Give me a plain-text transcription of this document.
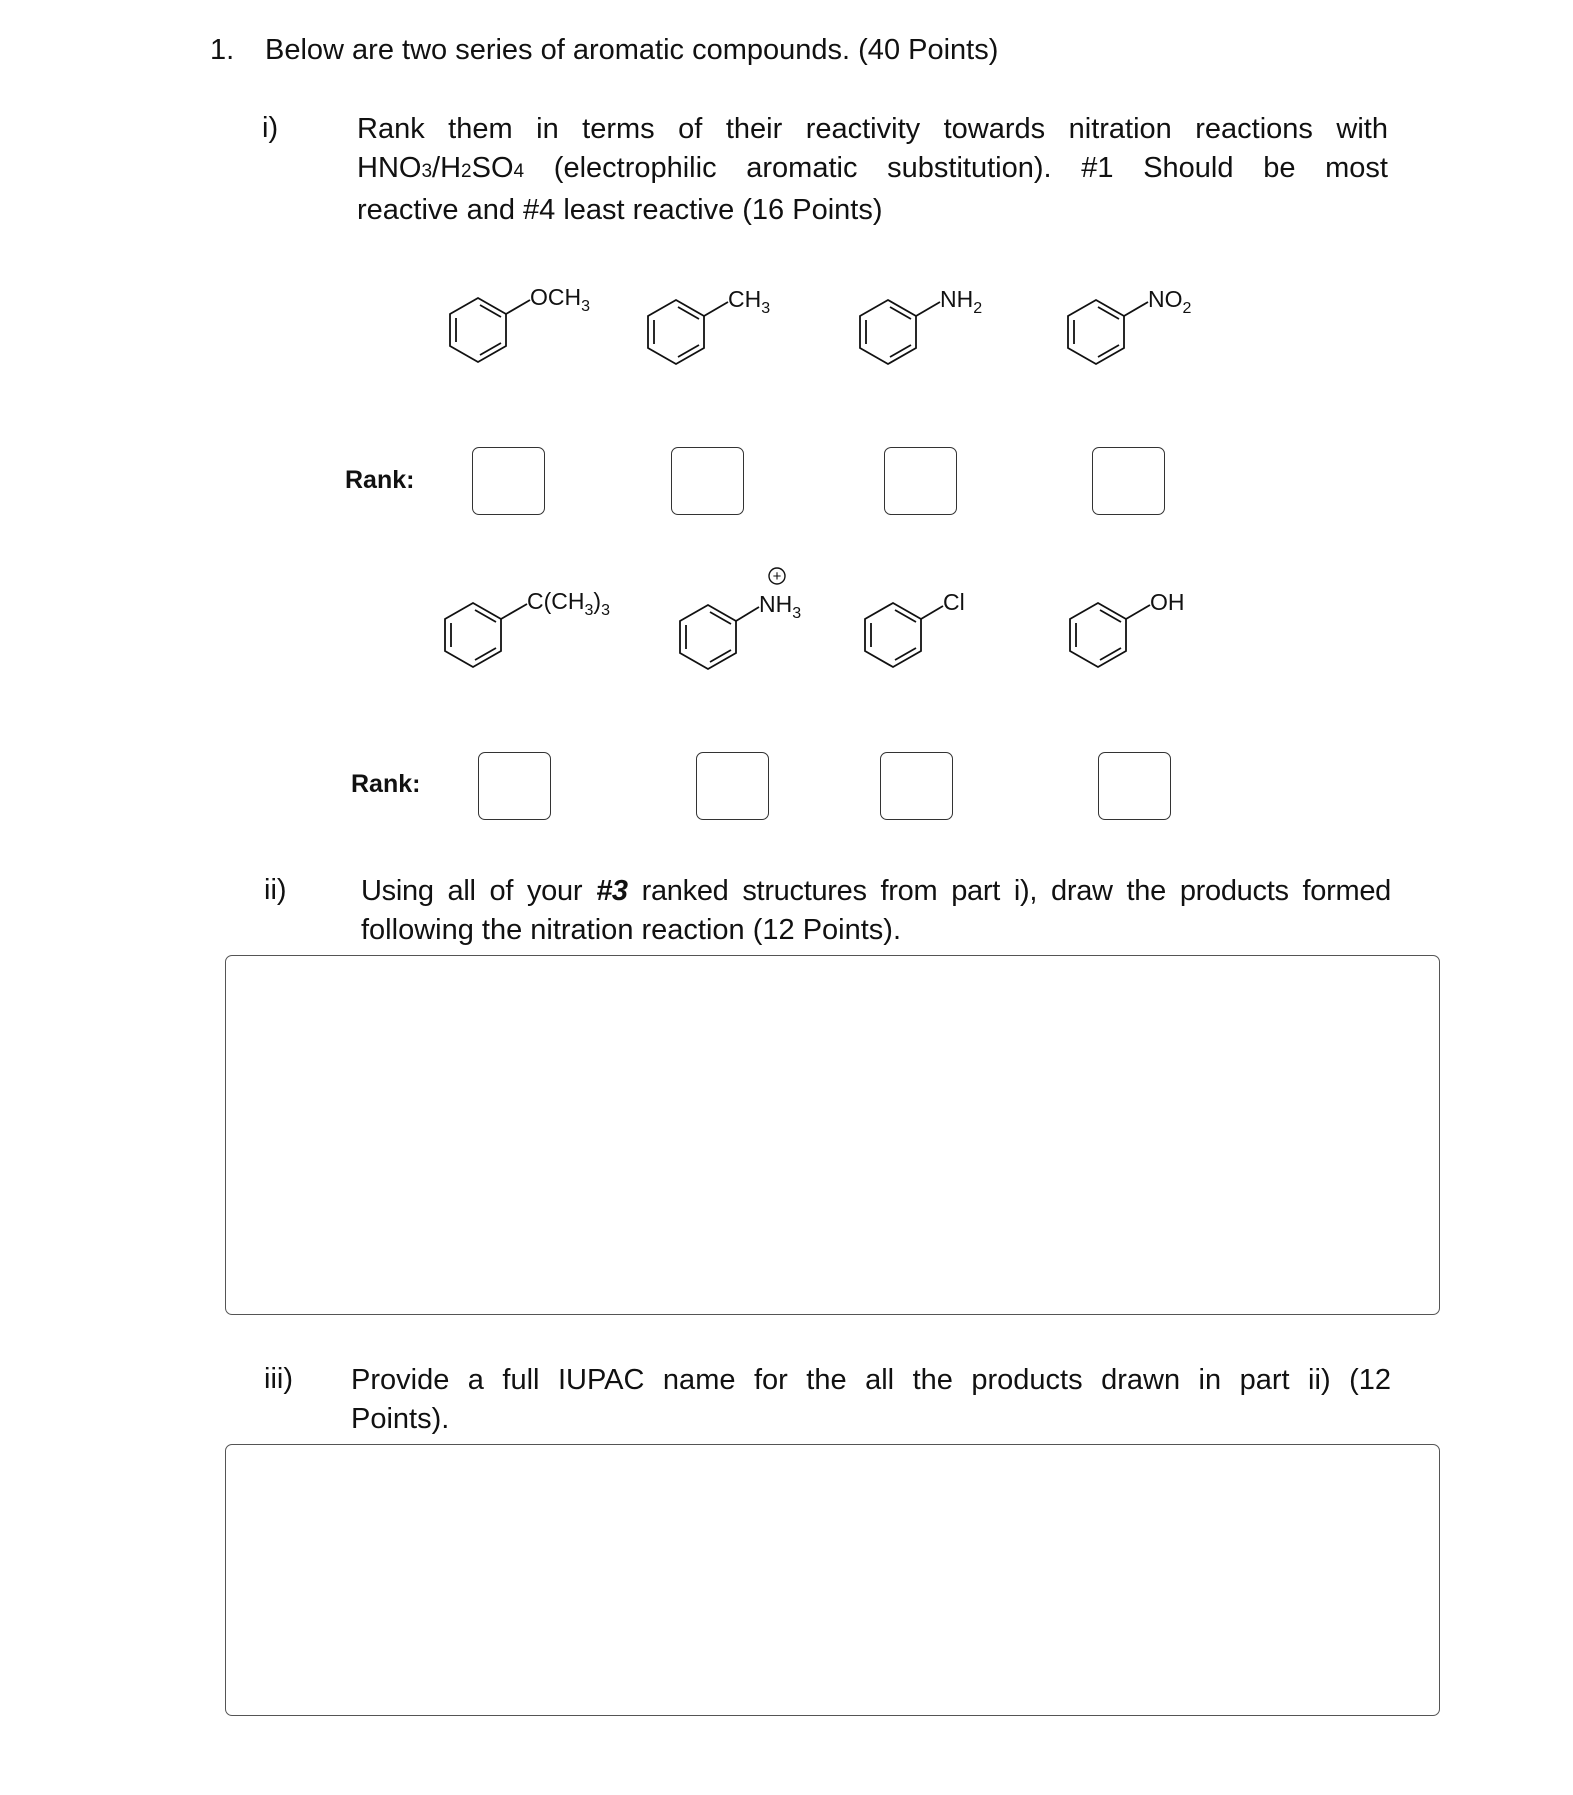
1. Below are two series of aromatic compounds. (40 Points)
i)	Rank them in terms of their reactivity towards nitration reactions with
HNO3/H2SO4 (electrophilic aromatic substitution). #1 Should be most
reactive and #4 least reactive (16 Points)
$OCH_3$	$CH_3$	$NH_2$	$NO_2$
Rank:
$C(CH_3)_3$
+
$NH_3$	Cl	OH
Rank:
ii)	Using all of your #3 ranked structures from part i), draw the products formed
following the nitration reaction (12 Points).
iii) Provide a full IUPAC name for the all the products drawn in part ii) (12
Points).
